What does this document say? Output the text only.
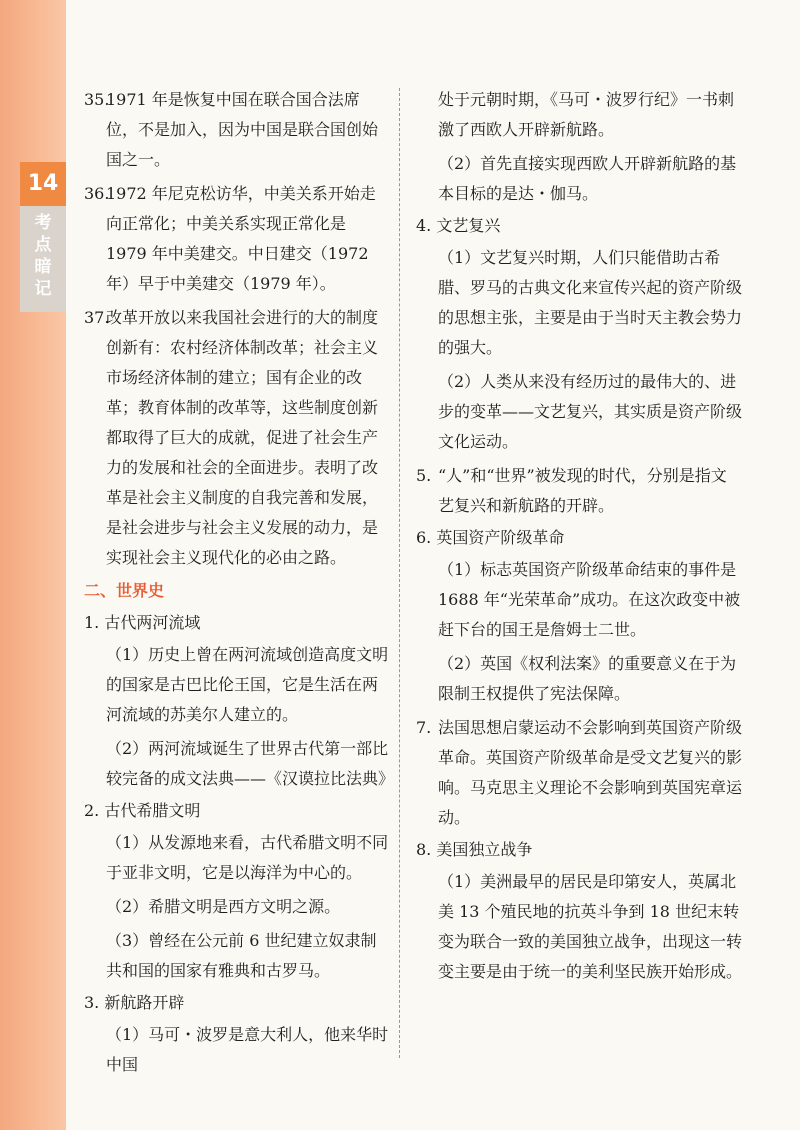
14
考
点
暗
记

35.
1971 年是恢复中国在联合国合法席位，不是加入，因为中国是联合国创始国之一。

36.
1972 年尼克松访华，中美关系开始走向正常化；中美关系实现正常化是 1979 年中美建交。中日建交（1972 年）早于中美建交（1979 年）。

37.
改革开放以来我国社会进行的大的制度创新有：农村经济体制改革；社会主义市场经济体制的建立；国有企业的改革；教育体制的改革等，这些制度创新都取得了巨大的成就，促进了社会生产力的发展和社会的全面进步。表明了改革是社会主义制度的自我完善和发展，是社会进步与社会主义发展的动力，是实现社会主义现代化的必由之路。

二、世界史

1. 古代两河流域

（1）历史上曾在两河流域创造高度文明的国家是古巴比伦王国，它是生活在两河流域的苏美尔人建立的。

（2）两河流域诞生了世界古代第一部比较完备的成文法典——《汉谟拉比法典》

2. 古代希腊文明

（1）从发源地来看，古代希腊文明不同于亚非文明，它是以海洋为中心的。

（2）希腊文明是西方文明之源。

（3）曾经在公元前 6 世纪建立奴隶制共和国的国家有雅典和古罗马。

3. 新航路开辟

（1）马可・波罗是意大利人，他来华时中国

处于元朝时期，《马可・波罗行纪》一书刺激了西欧人开辟新航路。

（2）首先直接实现西欧人开辟新航路的基本目标的是达・伽马。

4. 文艺复兴

（1）文艺复兴时期，人们只能借助古希腊、罗马的古典文化来宣传兴起的资产阶级的思想主张，主要是由于当时天主教会势力的强大。

（2）人类从来没有经历过的最伟大的、进步的变革——文艺复兴，其实质是资产阶级文化运动。

5. “人”和“世界”被发现的时代，分别是指文艺复兴和新航路的开辟。

6. 英国资产阶级革命

（1）标志英国资产阶级革命结束的事件是 1688 年“光荣革命”成功。在这次政变中被赶下台的国王是詹姆士二世。

（2）英国《权利法案》的重要意义在于为限制王权提供了宪法保障。

7. 法国思想启蒙运动不会影响到英国资产阶级革命。英国资产阶级革命是受文艺复兴的影响。马克思主义理论不会影响到英国宪章运动。

8. 美国独立战争

（1）美洲最早的居民是印第安人，英属北美 13 个殖民地的抗英斗争到 18 世纪末转变为联合一致的美国独立战争，出现这一转变主要是由于统一的美利坚民族开始形成。
